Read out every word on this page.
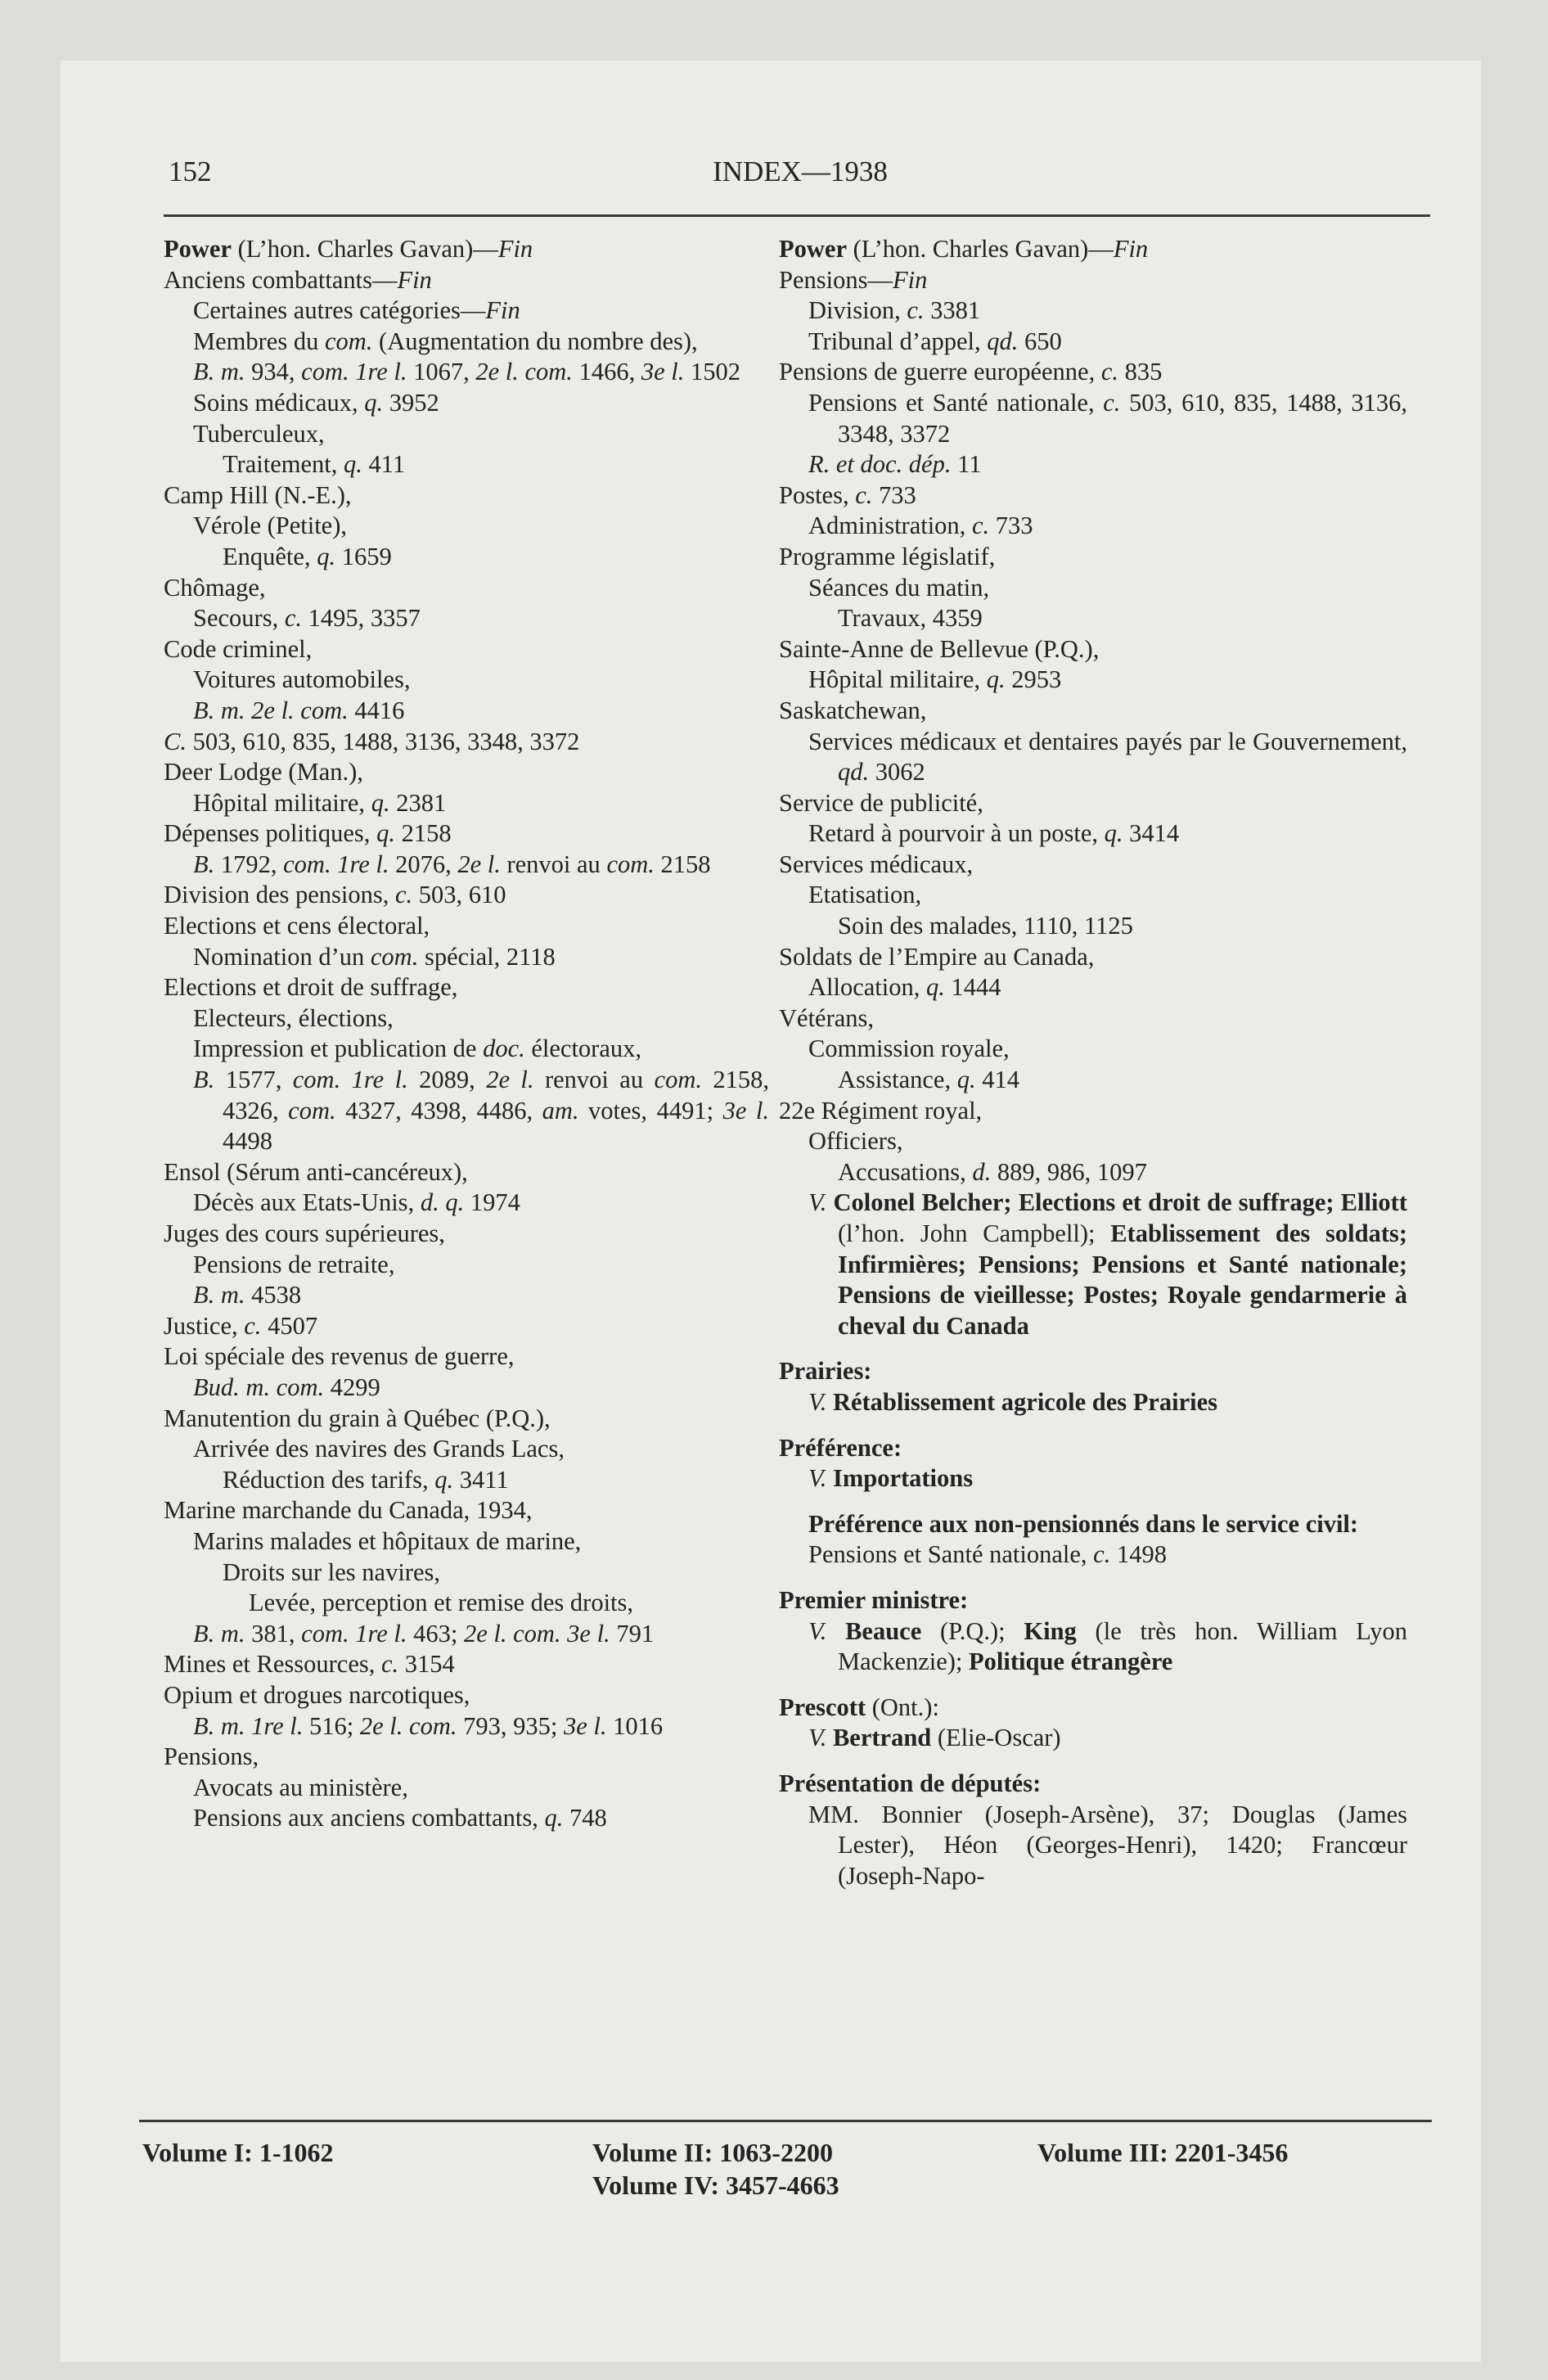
152	INDEX—1938
Power (L’hon. Charles Gavan)—Fin
Anciens combattants—Fin
Certaines autres catégories—Fin
Membres du com. (Augmentation du nombre des),
B. m. 934, com. 1re l. 1067, 2e l. com. 1466, 3e l. 1502
Soins médicaux, q. 3952
Tuberculeux,
Traitement, q. 411
Camp Hill (N.-E.),
Vérole (Petite),
Enquête, q. 1659
Chômage,
Secours, c. 1495, 3357
Code criminel,
Voitures automobiles,
B. m. 2e l. com. 4416
C. 503, 610, 835, 1488, 3136, 3348, 3372
Deer Lodge (Man.),
Hôpital militaire, q. 2381
Dépenses politiques, q. 2158
B. 1792, com. 1re l. 2076, 2e l. renvoi au com. 2158
Division des pensions, c. 503, 610
Elections et cens électoral,
Nomination d’un com. spécial, 2118
Elections et droit de suffrage,
Electeurs, élections,
Impression et publication de doc. électoraux,
B. 1577, com. 1re l. 2089, 2e l. renvoi au com. 2158, 4326, com. 4327, 4398, 4486, am. votes, 4491; 3e l. 4498
Ensol (Sérum anti-cancéreux),
Décès aux Etats-Unis, d. q. 1974
Juges des cours supérieures,
Pensions de retraite,
B. m. 4538
Justice, c. 4507
Loi spéciale des revenus de guerre,
Bud. m. com. 4299
Manutention du grain à Québec (P.Q.),
Arrivée des navires des Grands Lacs,
Réduction des tarifs, q. 3411
Marine marchande du Canada, 1934,
Marins malades et hôpitaux de marine,
Droits sur les navires,
Levée, perception et remise des droits,
B. m. 381, com. 1re l. 463; 2e l. com. 3e l. 791
Mines et Ressources, c. 3154
Opium et drogues narcotiques,
B. m. 1re l. 516; 2e l. com. 793, 935; 3e l. 1016
Pensions,
Avocats au ministère,
Pensions aux anciens combattants, q. 748
Power (L’hon. Charles Gavan)—Fin
Pensions—Fin
Division, c. 3381
Tribunal d’appel, qd. 650
Pensions de guerre européenne, c. 835
Pensions et Santé nationale, c. 503, 610, 835, 1488, 3136, 3348, 3372
R. et doc. dép. 11
Postes, c. 733
Administration, c. 733
Programme législatif,
Séances du matin,
Travaux, 4359
Sainte-Anne de Bellevue (P.Q.),
Hôpital militaire, q. 2953
Saskatchewan,
Services médicaux et dentaires payés par le Gouvernement, qd. 3062
Service de publicité,
Retard à pourvoir à un poste, q. 3414
Services médicaux,
Etatisation,
Soin des malades, 1110, 1125
Soldats de l’Empire au Canada,
Allocation, q. 1444
Vétérans,
Commission royale,
Assistance, q. 414
22e Régiment royal,
Officiers,
Accusations, d. 889, 986, 1097
V. Colonel Belcher; Elections et droit de suffrage; Elliott (l’hon. John Campbell); Etablissement des soldats; Infirmières; Pensions; Pensions et Santé nationale; Pensions de vieillesse; Postes; Royale gendarmerie à cheval du Canada
Prairies:
V. Rétablissement agricole des Prairies
Préférence:
V. Importations
Préférence aux non-pensionnés dans le service civil:
Pensions et Santé nationale, c. 1498
Premier ministre:
V. Beauce (P.Q.); King (le très hon. William Lyon Mackenzie); Politique étrangère
Prescott (Ont.):
V. Bertrand (Elie-Oscar)
Présentation de députés:
MM. Bonnier (Joseph-Arsène), 37; Douglas (James Lester), Héon (Georges-Henri), 1420; Francœur (Joseph-Napo-
Volume I: 1-1062	Volume II: 1063-2200	Volume III: 2201-3456
Volume IV: 3457-4663
